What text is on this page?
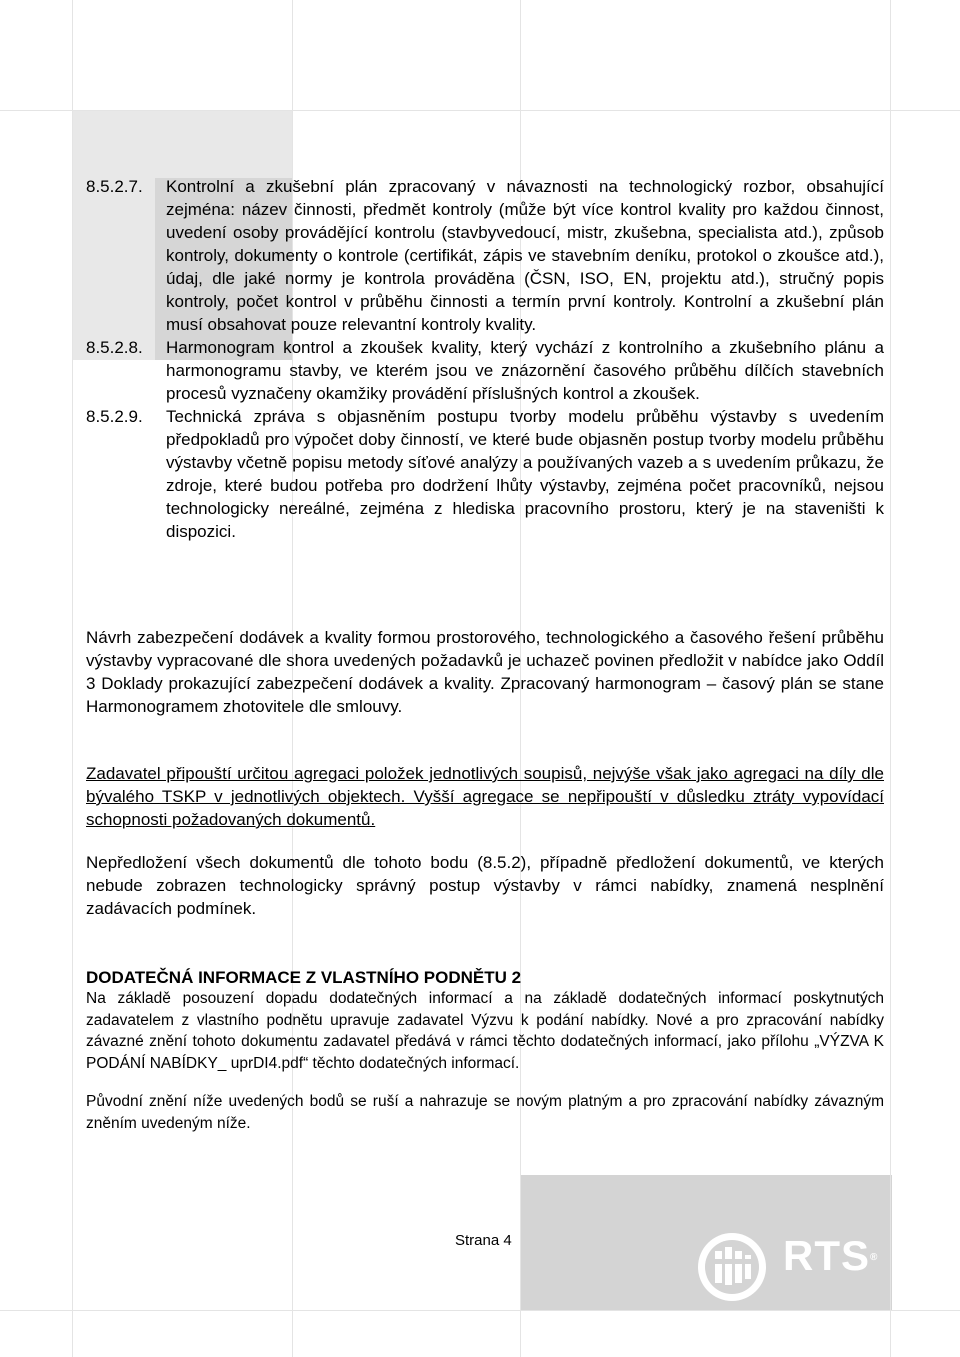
8.5.2.7. Kontrolní a zkušební plán zpracovaný v návaznosti na technologický rozbor, obsahující zejména: název činnosti, předmět kontroly (může být více kontrol kvality pro každou činnost, uvedení osoby provádějící kontrolu (stavbyvedoucí, mistr, zkušebna, specialista atd.), způsob kontroly, dokumenty o kontrole (certifikát, zápis ve stavebním deníku, protokol o zkoušce atd.), údaj, dle jaké normy je kontrola prováděna (ČSN, ISO, EN, projektu atd.), stručný popis kontroly, počet kontrol v průběhu činnosti a termín první kontroly. Kontrolní a zkušební plán musí obsahovat pouze relevantní kontroly kvality.
8.5.2.8. Harmonogram kontrol a zkoušek kvality, který vychází z kontrolního a zkušebního plánu a harmonogramu stavby, ve kterém jsou ve znázornění časového průběhu dílčích stavebních procesů vyznačeny okamžiky provádění příslušných kontrol a zkoušek.
8.5.2.9. Technická zpráva s objasněním postupu tvorby modelu průběhu výstavby s uvedením předpokladů pro výpočet doby činností, ve které bude objasněn postup tvorby modelu průběhu výstavby včetně popisu metody síťové analýzy a používaných vazeb a s uvedením průkazu, že zdroje, které budou potřeba pro dodržení lhůty výstavby, zejména počet pracovníků, nejsou technologicky nereálné, zejména z hlediska pracovního prostoru, který je na staveništi k dispozici.
Návrh zabezpečení dodávek a kvality formou prostorového, technologického a časového řešení průběhu výstavby vypracované dle shora uvedených požadavků je uchazeč povinen předložit v nabídce jako Oddíl 3 Doklady prokazující zabezpečení dodávek a kvality. Zpracovaný harmonogram – časový plán se stane Harmonogramem zhotovitele dle smlouvy.
Zadavatel připouští určitou agregaci položek jednotlivých soupisů, nejvýše však jako agregaci na díly dle bývalého TSKP v jednotlivých objektech. Vyšší agregace se nepřipouští v důsledku ztráty vypovídací schopnosti požadovaných dokumentů.
Nepředložení všech dokumentů dle tohoto bodu (8.5.2), případně předložení dokumentů, ve kterých nebude zobrazen technologicky správný postup výstavby v rámci nabídky, znamená nesplnění zadávacích podmínek.
DODATEČNÁ INFORMACE Z VLASTNÍHO PODNĚTU 2
Na základě posouzení dopadu dodatečných informací a na základě dodatečných informací poskytnutých zadavatelem z vlastního podnětu upravuje zadavatel Výzvu k podání nabídky. Nové a pro zpracování nabídky závazné znění tohoto dokumentu zadavatel předává v rámci těchto dodatečných informací, jako přílohu „VÝZVA K PODÁNÍ NABÍDKY_ uprDI4.pdf“ těchto dodatečných informací.
Původní znění níže uvedených bodů se ruší a nahrazuje se novým platným a pro zpracování nabídky závazným zněním uvedeným níže.
Strana 4	RTS®
